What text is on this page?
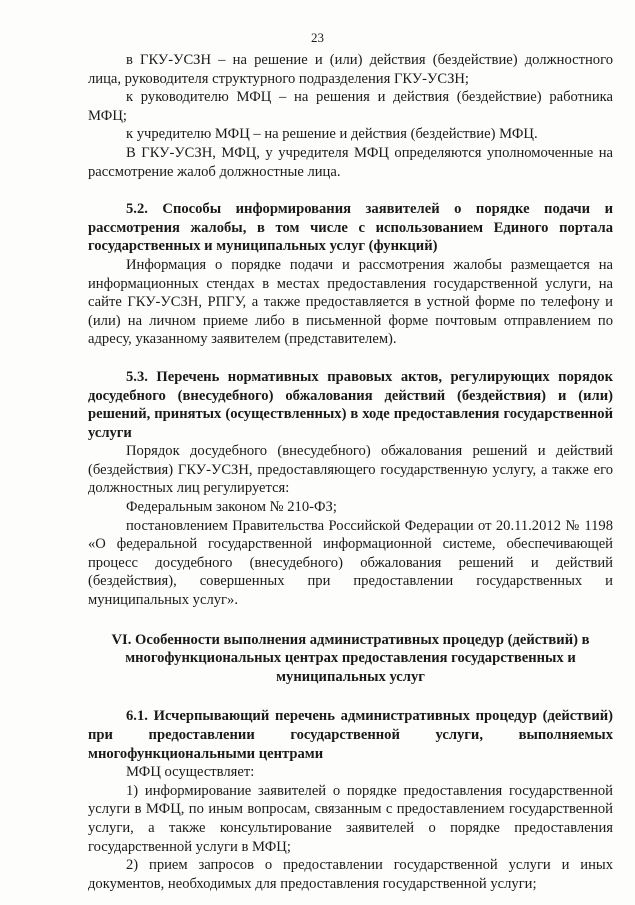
23

в ГКУ-УСЗН – на решение и (или) действия (бездействие) должностного лица, руководителя структурного подразделения ГКУ-УСЗН;

к руководителю МФЦ – на решения и действия (бездействие) работника МФЦ;

к учредителю МФЦ – на решение и действия (бездействие) МФЦ.

В ГКУ-УСЗН, МФЦ, у учредителя МФЦ определяются уполномоченные на рассмотрение жалоб должностные лица.

5.2. Способы информирования заявителей о порядке подачи и рассмотрения жалобы, в том числе с использованием Единого портала государственных и муниципальных услуг (функций)

Информация о порядке подачи и рассмотрения жалобы размещается на информационных стендах в местах предоставления государственной услуги, на сайте ГКУ-УСЗН, РПГУ, а также предоставляется в устной форме по телефону и (или) на личном приеме либо в письменной форме почтовым отправлением по адресу, указанному заявителем (представителем).

5.3. Перечень нормативных правовых актов, регулирующих порядок досудебного (внесудебного) обжалования действий (бездействия) и (или) решений, принятых (осуществленных) в ходе предоставления государственной услуги

Порядок досудебного (внесудебного) обжалования решений и действий (бездействия) ГКУ-УСЗН, предоставляющего государственную услугу, а также его должностных лиц регулируется:

Федеральным законом № 210-ФЗ;

постановлением Правительства Российской Федерации от 20.11.2012 № 1198 «О федеральной государственной информационной системе, обеспечивающей процесс досудебного (внесудебного) обжалования решений и действий (бездействия), совершенных при предоставлении государственных и муниципальных услуг».

VI. Особенности выполнения административных процедур (действий) в многофункциональных центрах предоставления государственных и муниципальных услуг

6.1. Исчерпывающий перечень административных процедур (действий) при предоставлении государственной услуги, выполняемых многофункциональными центрами

МФЦ осуществляет:

1) информирование заявителей о порядке предоставления государственной услуги в МФЦ, по иным вопросам, связанным с предоставлением государственной услуги, а также консультирование заявителей о порядке предоставления государственной услуги в МФЦ;

2) прием запросов о предоставлении государственной услуги и иных документов, необходимых для предоставления государственной услуги;
